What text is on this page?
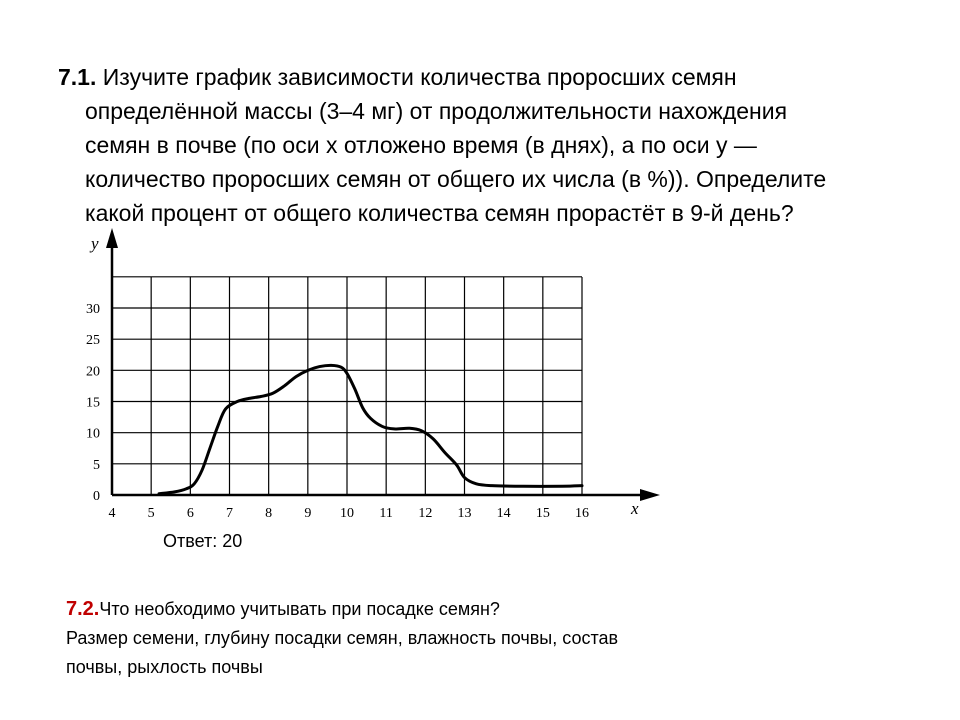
7.1. Изучите график зависимости количества проросших семян
определённой массы (3–4 мг) от продолжительности нахождения
семян в почве (по оси x отложено время (в днях), а по оси y —
количество проросших семян от общего их числа (в %)). Определите
какой процент от общего количества семян прорастёт в 9-й день?
4 5 6 7 8 9 10 11 12 13 14 15 16
0
5
10
15
20
25
30
y
x
Ответ: 20
7.2.Что необходимо учитывать при посадке семян?
Размер семени, глубину посадки семян, влажность почвы, состав
почвы, рыхлость почвы
